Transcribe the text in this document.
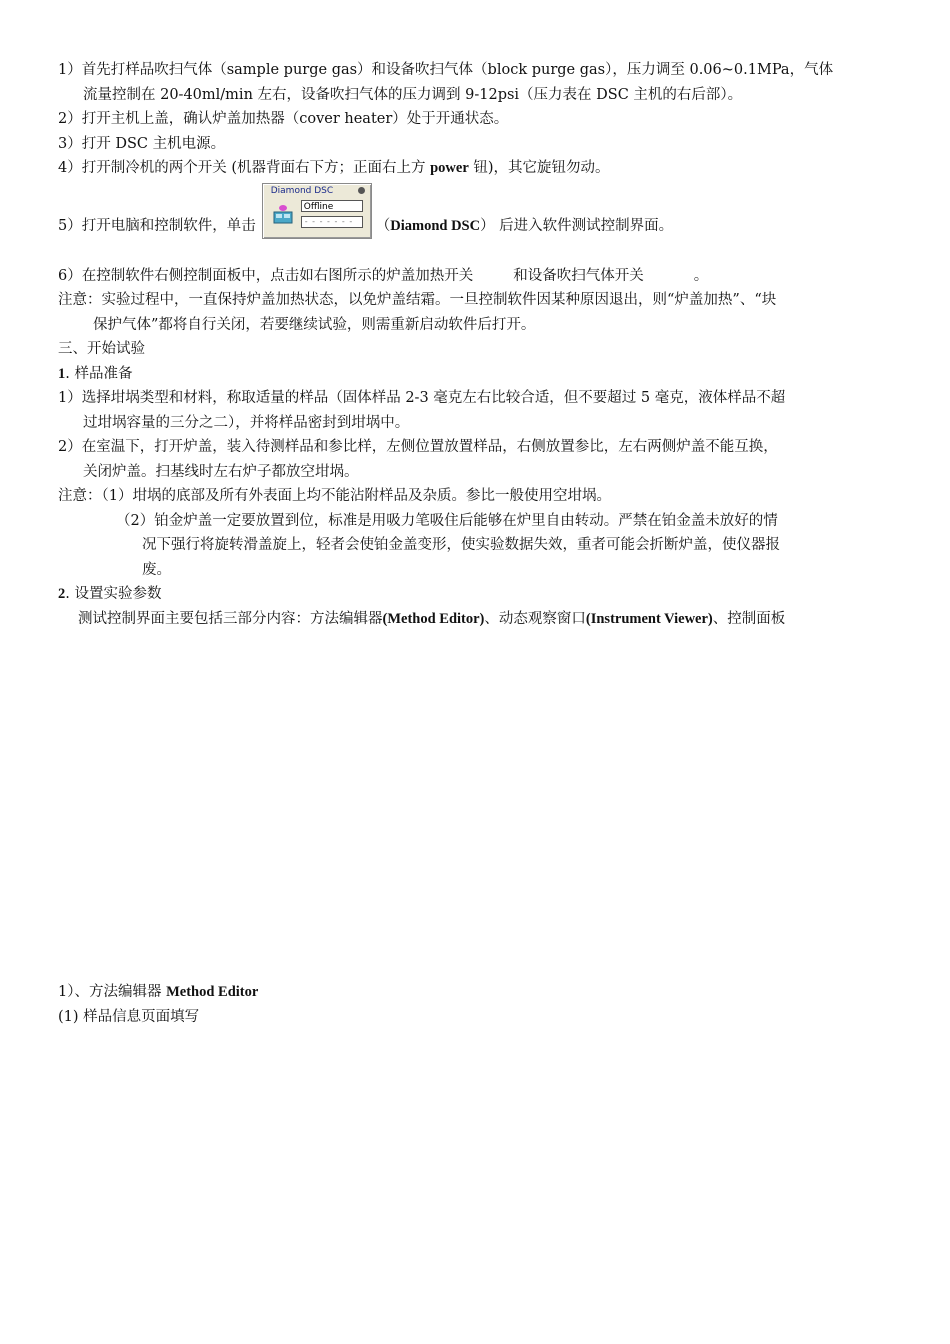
1）首先打样品吹扫气体（sample purge gas）和设备吹扫气体（block purge gas），压力调至 0.06~0.1MPa，气体
流量控制在 20-40ml/min 左右，设备吹扫气体的压力调到 9-12psi（压力表在 DSC 主机的右后部）。
2）打开主机上盖，确认炉盖加热器（cover heater）处于开通状态。
3）打开 DSC 主机电源。
4）打开制冷机的两个开关 (机器背面右下方；正面右上方 power 钮)，其它旋钮勿动。
5）打开电脑和控制软件，单击
Diamond DSC
Offline
- - - - - - -	（ Diamond DSC ） 后进入软件测试控制界面。
6）在控制软件右侧控制面板中，点击如右图所示的炉盖加热开关	和设备吹扫气体开关	。
注意：实验过程中，一直保持炉盖加热状态，以免炉盖结霜。一旦控制软件因某种原因退出，则“炉盖加热”、“块
保护气体”都将自行关闭，若要继续试验，则需重新启动软件后打开。
三、开始试验
1. 样品准备
1）选择坩埚类型和材料，称取适量的样品（固体样品 2-3 毫克左右比较合适，但不要超过 5 毫克，液体样品不超
过坩埚容量的三分之二），并将样品密封到坩埚中。
2）在室温下，打开炉盖，装入待测样品和参比样，左侧位置放置样品，右侧放置参比，左右两侧炉盖不能互换，
关闭炉盖。扫基线时左右炉子都放空坩埚。
注意：（1）坩埚的底部及所有外表面上均不能沾附样品及杂质。参比一般使用空坩埚。
（2）铂金炉盖一定要放置到位，标准是用吸力笔吸住后能够在炉里自由转动。严禁在铂金盖未放好的情
况下强行将旋转滑盖旋上，轻者会使铂金盖变形，使实验数据失效，重者可能会折断炉盖，使仪器报
废。
2. 设置实验参数
测试控制界面主要包括三部分内容：方法编辑器(Method Editor)、动态观察窗口(Instrument Viewer)、控制面板
1）、方法编辑器 Method Editor
(1) 样品信息页面填写
